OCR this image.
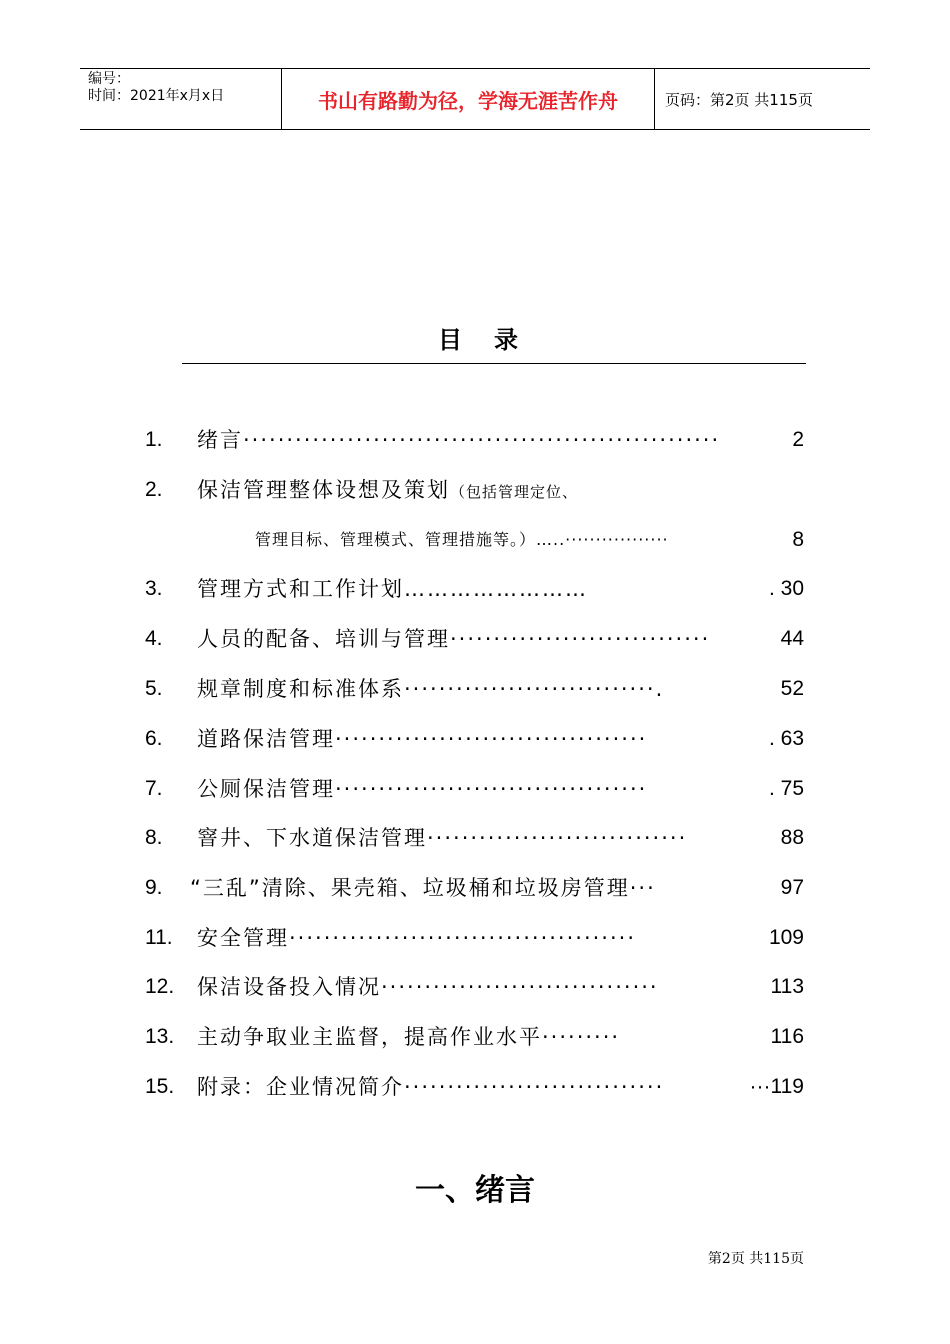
编号：
时间：2021年x月x日	书山有路勤为径，学海无涯苦作舟	页码：第2页 共115页
目录
1. 绪言·······················································	2
2. 保洁管理整体设想及策划（包括管理定位、
管理目标、管理模式、管理措施等。）…..·················	8
3. 管理方式和工作计划……………………	. 30
4. 人员的配备、培训与管理······························	44
5. 规章制度和标准体系·····························.	52
6. 道路保洁管理····································	. 63
7. 公厕保洁管理····································	. 75
8. 窨井、下水道保洁管理······························	88
9. “三乱”清除、果壳箱、垃圾桶和垃圾房管理···	97
11. 安全管理········································	109
12. 保洁设备投入情况································	113
13. 主动争取业主监督，提高作业水平·········	116
15. 附录：企业情况简介······························	···119
一、绪言
第2页 共115页
